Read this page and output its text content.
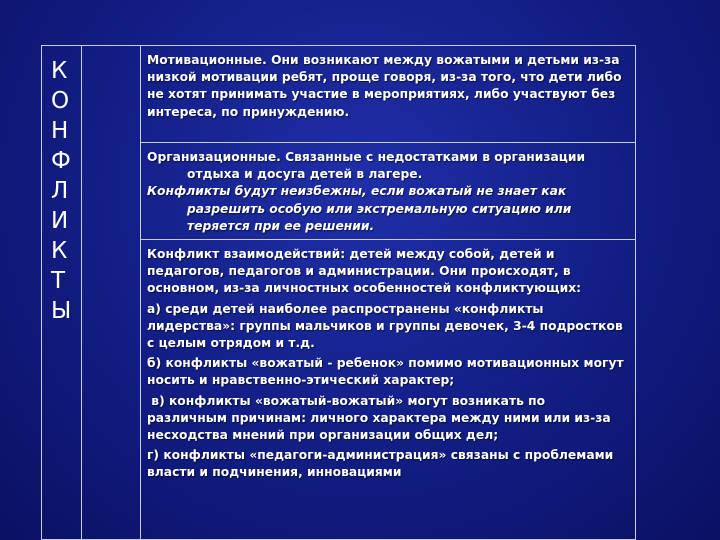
К
О
Н
Ф
Л
И
К
Т
Ы

Мотивационные. Они возникают между вожатыми и детьми из-за низкой мотивации ребят, проще говоря, из-за того, что дети либо не хотят принимать участие в мероприятиях, либо участвуют без интереса, по принуждению.

Организационные. Связанные с недостатками в организации отдыха и досуга детей в лагере.

Конфликты будут неизбежны, если вожатый не знает как разрешить особую или экстремальную ситуацию или теряется при ее решении.

Конфликт взаимодействий: детей между собой, детей и педагогов, педагогов и администрации. Они происходят, в основном, из-за личностных особенностей конфликтующих:

а) среди детей наиболее распространены «конфликты лидерства»: группы мальчиков и группы девочек, 3-4 подростков с целым отрядом и т.д.

б) конфликты «вожатый - ребенок» помимо мотивационных могут носить и нравственно-этический характер;

в) конфликты «вожатый-вожатый» могут возникать по различным причинам: личного характера между ними или из-за несходства мнений при организации общих дел;

г) конфликты «педагоги-администрация» связаны с проблемами власти и подчинения, инновациями
